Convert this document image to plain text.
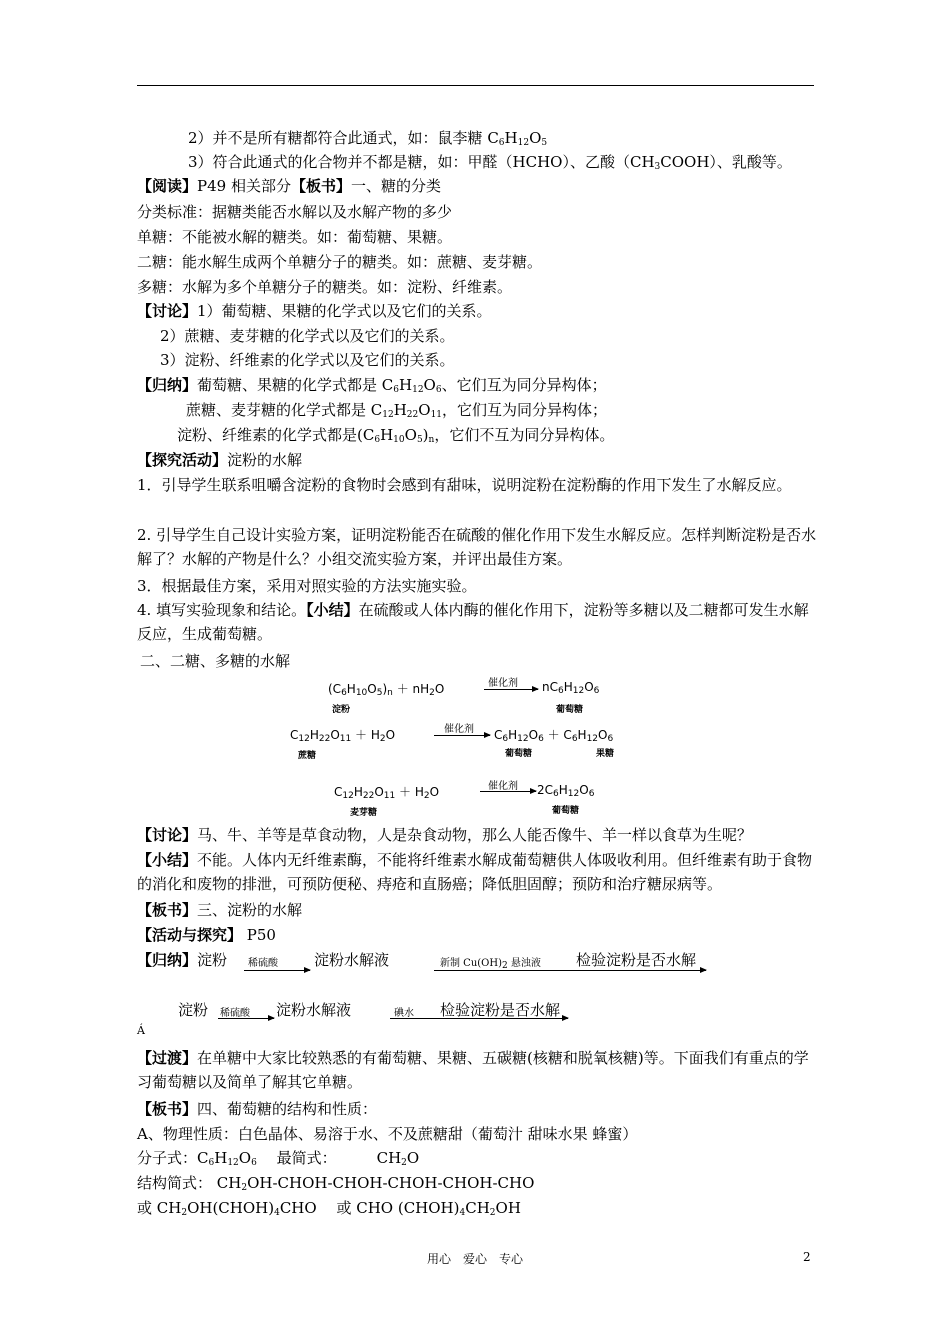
2）并不是所有糖都符合此通式，如：鼠李糖 $C_6H_{12}O_5$
3）符合此通式的化合物并不都是糖，如：甲醛（HCHO）、乙酸$(CH_3COOH)$、乳酸等。
【阅读】P49 相关部分【板书】一、糖的分类
分类标准：据糖类能否水解以及水解产物的多少
单糖：不能被水解的糖类。如：葡萄糖、果糖。
二糖：能水解生成两个单糖分子的糖类。如：蔗糖、麦芽糖。
多糖：水解为多个单糖分子的糖类。如：淀粉、纤维素。
【讨论】1）葡萄糖、果糖的化学式以及它们的关系。
2）蔗糖、麦芽糖的化学式以及它们的关系。
3）淀粉、纤维素的化学式以及它们的关系。
【归纳】葡萄糖、果糖的化学式都是 $C_6H_{12}O_6$、它们互为同分异构体；
蔗糖、麦芽糖的化学式都是 $C_{12}H_{22}O_{11}$，它们互为同分异构体；
淀粉、纤维素的化学式都是$(C_6H_{10}O_5)_n$，它们不互为同分异构体。
【探究活动】淀粉的水解
1．引导学生联系咀嚼含淀粉的食物时会感到有甜味，说明淀粉在淀粉酶的作用下发生了水解反应。
2. 引导学生自己设计实验方案，证明淀粉能否在硫酸的催化作用下发生水解反应。怎样判断淀粉是否水解了？水解的产物是什么？小组交流实验方案，并评出最佳方案。
3．根据最佳方案，采用对照实验的方法实施实验。
4. 填写实验现象和结论。【小结】在硫酸或人体内酶的催化作用下，淀粉等多糖以及二糖都可发生水解反应，生成葡萄糖。
二、二糖、多糖的水解
$(C_6H_{10}O_5)_n + nH_2O$	催化剂 → $nC_6H_{12}O_6$
淀粉	葡萄糖
$C_{12}H_{22}O_{11} + H_2O$	催化剂 → $C_6H_{12}O_6 + C_6H_{12}O_6$
蔗糖	葡萄糖	果糖
$C_{12}H_{22}O_{11} + H_2O$	催化剂 → $2C_6H_{12}O_6$
麦芽糖	葡萄糖
【讨论】马、牛、羊等是草食动物，人是杂食动物，那么人能否像牛、羊一样以食草为生呢？
【小结】不能。人体内无纤维素酶，不能将纤维素水解成葡萄糖供人体吸收利用。但纤维素有助于食物的消化和废物的排泄，可预防便秘、痔疮和直肠癌；降低胆固醇；预防和治疗糖尿病等。
【板书】三、淀粉的水解
【活动与探究】 P50
【归纳】淀粉 稀硫酸 淀粉水解液	新制 $Cu(OH)_2$ 悬浊液 检验淀粉是否水解
淀粉 稀硫酸 淀粉水解液	碘水 检验淀粉是否水解
Á
【过渡】在单糖中大家比较熟悉的有葡萄糖、果糖、五碳糖(核糖和脱氧核糖)等。下面我们有重点的学习葡萄糖以及简单了解其它单糖。
【板书】四、葡萄糖的结构和性质：
A、物理性质：白色晶体、易溶于水、不及蔗糖甜（葡萄汁 甜味水果 蜂蜜）
分子式：$C_6H_{12}O_6$　 最简式：	$CH_2O$
结构简式： $CH_2OH-CHOH-CHOH-CHOH-CHOH$-CHO
或 $CH_2OH(CHOH)_4CHO$　 或 CHO $(CHOH)_4CH_2OH$
用心　爱心　专心	2
